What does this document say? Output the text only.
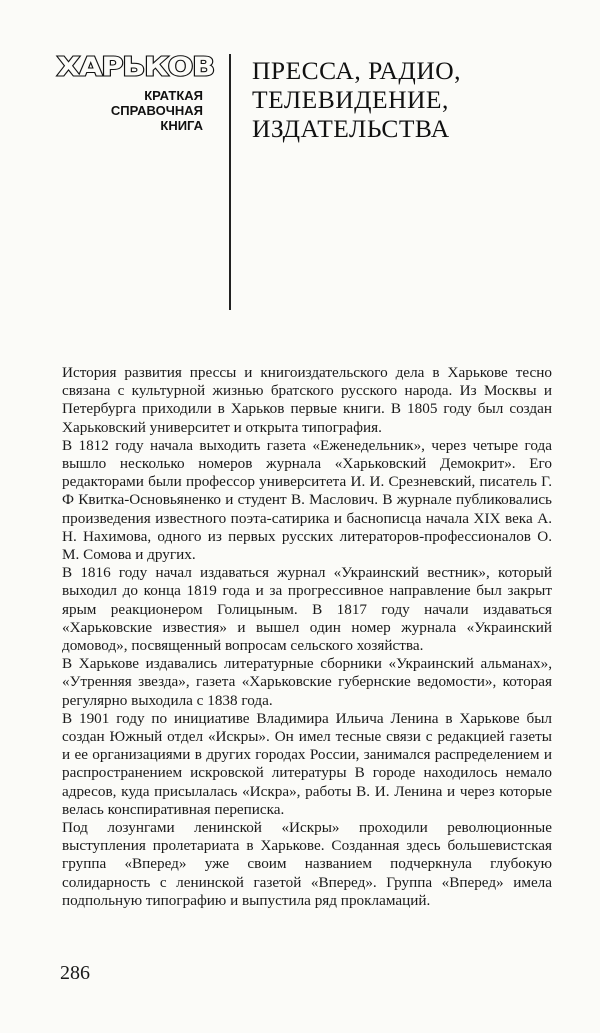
ХАРЬКОВ
КРАТКАЯ
СПРАВОЧНАЯ
КНИГА
ПРЕССА, РАДИО,
ТЕЛЕВИДЕНИЕ,
ИЗДАТЕЛЬСТВА

История развития прессы и книгоиздательского дела в Харькове тесно связана с культурной жизнью братского русского народа. Из Москвы и Петербурга приходили в Харьков первые книги. В 1805 году был создан Харьковский университет и открыта типография.

В 1812 году начала выходить газета «Еженедельник», через четыре года вышло несколько номеров журнала «Харьковский Демокрит». Его редакторами были профессор университета И. И. Срезневский, писатель Г. Ф Квитка-Основьяненко и студент В. Маслович. В журнале публиковались произведения известного поэта-сатирика и баснописца начала XIX века А. Н. Нахимова, одного из первых русских литераторов-профессионалов О. М. Сомова и других.

В 1816 году начал издаваться журнал «Украинский вестник», который выходил до конца 1819 года и за прогрессивное направление был закрыт ярым реакционером Голицыным. В 1817 году начали издаваться «Харьковские известия» и вышел один номер журнала «Украинский домовод», посвященный вопросам сельского хозяйства.

В Харькове издавались литературные сборники «Украинский альманах», «Утренняя звезда», газета «Харьковские губернские ведомости», которая регулярно выходила с 1838 года.

В 1901 году по инициативе Владимира Ильича Ленина в Харькове был создан Южный отдел «Искры». Он имел тесные связи с редакцией газеты и ее организациями в других городах России, занимался распределением и распространением искровской литературы В городе находилось немало адресов, куда присылалась «Искра», работы В. И. Ленина и через которые велась конспиративная переписка.

Под лозунгами ленинской «Искры» проходили революционные выступления пролетариата в Харькове. Созданная здесь большевистская группа «Вперед» уже своим названием подчеркнула глубокую солидарность с ленинской газетой «Вперед». Группа «Вперед» имела подпольную типографию и выпустила ряд прокламаций.

286
